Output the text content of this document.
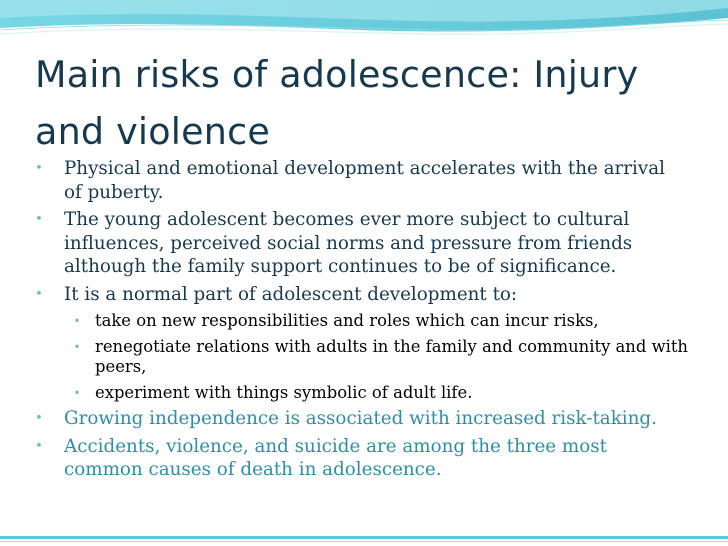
Main risks of adolescence: Injury and violence
• Physical and emotional development accelerates with the arrival of puberty.
• The young adolescent becomes ever more subject to cultural influences, perceived social norms and pressure from friends although the family support continues to be of significance.
• It is a normal part of adolescent development to:
• take on new responsibilities and roles which can incur risks,
• renegotiate relations with adults in the family and community and with peers,
• experiment with things symbolic of adult life.
• Growing independence is associated with increased risk-taking.
• Accidents, violence, and suicide are among the three most common causes of death in adolescence.
